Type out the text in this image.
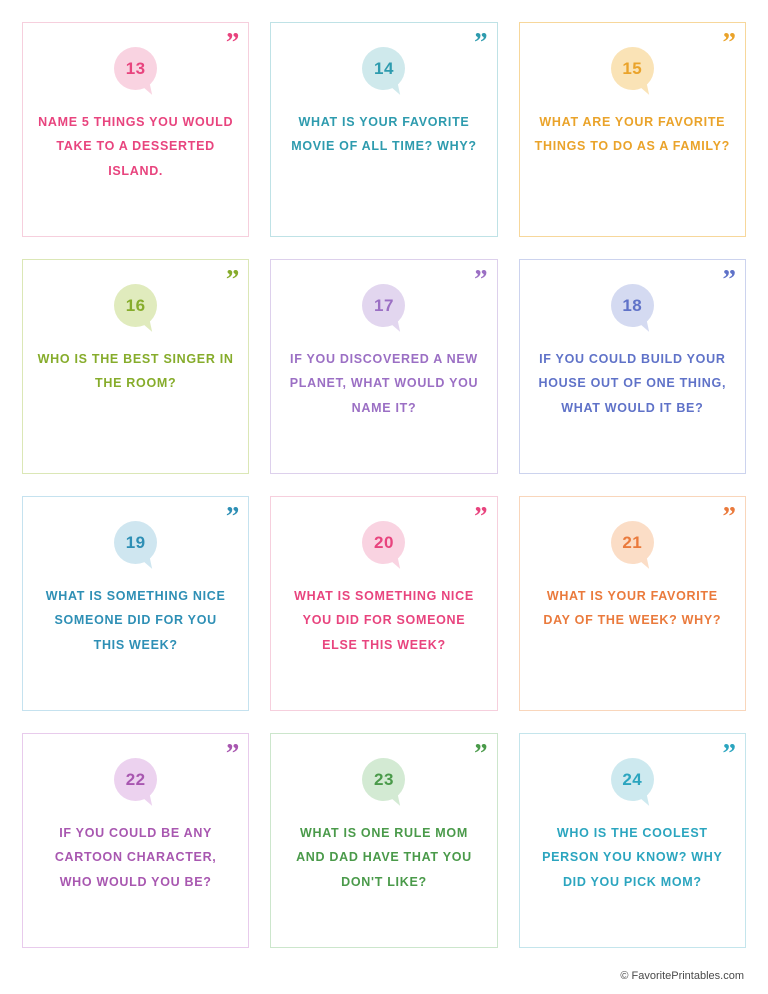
”
13
NAME 5 THINGS YOU WOULD TAKE TO A DESSERTED ISLAND.
”
14
WHAT IS YOUR FAVORITE MOVIE OF ALL TIME? WHY?
”
15
WHAT ARE YOUR FAVORITE THINGS TO DO AS A FAMILY?
”
16
WHO IS THE BEST SINGER IN THE ROOM?
”
17
IF YOU DISCOVERED A NEW PLANET, WHAT WOULD YOU NAME IT?
”
18
IF YOU COULD BUILD YOUR HOUSE OUT OF ONE THING, WHAT WOULD IT BE?
”
19
WHAT IS SOMETHING NICE SOMEONE DID FOR YOU THIS WEEK?
”
20
WHAT IS SOMETHING NICE YOU DID FOR SOMEONE ELSE THIS WEEK?
”
21
WHAT IS YOUR FAVORITE DAY OF THE WEEK? WHY?
”
22
IF YOU COULD BE ANY CARTOON CHARACTER, WHO WOULD YOU BE?
”
23
WHAT IS ONE RULE MOM AND DAD HAVE THAT YOU DON'T LIKE?
”
24
WHO IS THE COOLEST PERSON YOU KNOW? WHY DID YOU PICK MOM?
© FavoritePrintables.com
